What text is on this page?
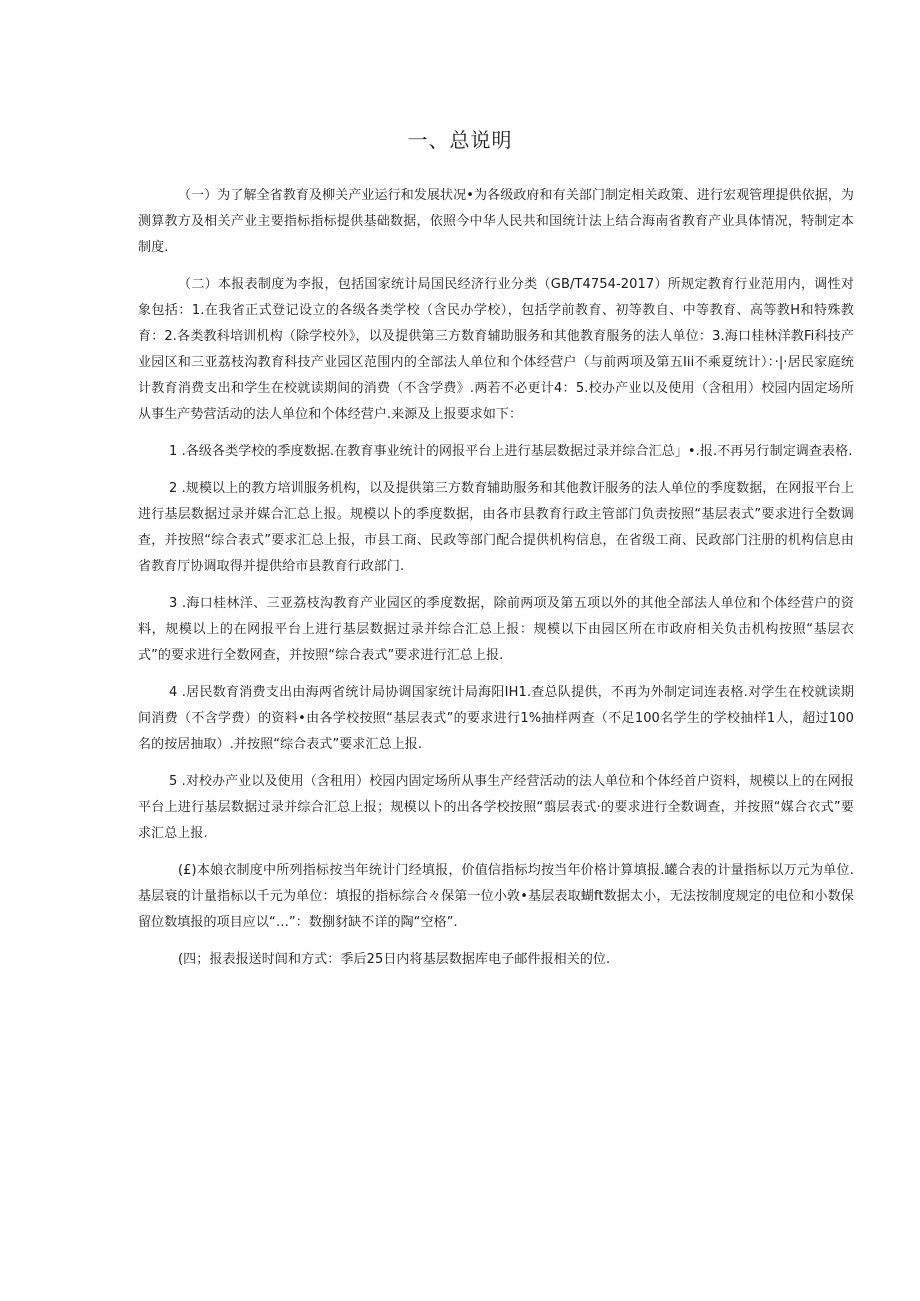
一、总说明

（一）为了解全省教育及柳关产业运行和发展状况•为各级政府和有关部门制定相关政策、进行宏观管理提供依据，为测算教方及相关产业主要指标指标提供基础数据，依照今中华人民共和国统计法上结合海南省教育产业具体情况，特制定本制度.

（二）本报表制度为李报，包括国家统计局国民经济行业分类（GB/T4754-2017）所规定教育行业范用内，调性对象包括：1.在我省正式登记设立的各级各类学校（含民办学校），包括学前教育、初等教自、中等教育、高等教H和特殊教育：2.各类教科培训机构（除学校外》，以及提供第三方数育辅助服务和其他教育服务的法人单位：3.海口桂林洋教Fi科技产业园区和三亚荔枝沟教育科技产业园区范围内的全部法人单位和个体经营户（与前两项及第五Iii不乘夏统计）：·|·居民家庭统计教育消费支出和学生在校就读期间的消费（不含学费》.两若不必更计4：5.校办产业以及使用（含租用）校园内固定场所从事生产势营活动的法人单位和个体经营户.来源及上报要求如下：

1 .各级各类学校的季度数据.在教育事业统计的网报平台上进行基层数据过录并综合汇总」•.报.不再另行制定调查表格.

2 .规模以上的教方培训服务机构，以及提供第三方数育辅助服务和其他教讦服务的法人单位的季度数据，在网报平台上进行基层数据过录并媒合汇总上报。规模以卜的季度数据，由各市县教育行政主管部门负责按照“基层表式”要求进行全数调查，并按照“综合表式”要求汇总上报，市县工商、民政等部门配合提供机构信息，在省级工商、民政部门注册的机构信息由省教育厅协调取得并提供给市县教育行政部门.

3 .海口桂林洋、三亚荔枝沟教育产业园区的季度数据，除前两项及第五项以外的其他全部法人单位和个体经营户的资料，规模以上的在网报平台上进行基层数据过录并综合汇总上报：规模以下由园区所在市政府相关负击机构按照“基层衣式”的要求进行全数网查，并按照“综合表式”要求进行汇总上报.

4 .居民数育消费支出由海两省统计局协调国家统计局海阳IH1.查总队提供，不再为外制定词连表格.对学生在校就读期间消费（不含学费）的资料•由各学校按照“基层表式”的要求进行1%抽样两查（不足100名学生的学校抽样1人，超过100名的按居抽取）.并按照“综合表式”要求汇总上报.

5 .对校办产业以及使用（含租用）校园内固定场所从事生产经营活动的法人单位和个体经首户资料，规模以上的在网报平台上进行基层数据过录并综合汇总上报；规模以卜的出各学校按照“翦层表式·的要求进行全数调查，并按照“媒合衣式”要求汇总上报.

(£)本娘衣制度中所列指标按当年统计门经填报，价值信指标均按当年价格计算填报.罐合表的计量指标以万元为单位.基层衰的计量指标以千元为单位：填报的指标综合々保第一位小敦•基层表取蝴ft数据太小，无法按制度规定的电位和小数保留位数填报的项目应以“…”：数捌豺缺不详的陶“空格”.

(四；报表报送时闾和方式：季后25日内将基层数据库电子邮件报相关的位.
